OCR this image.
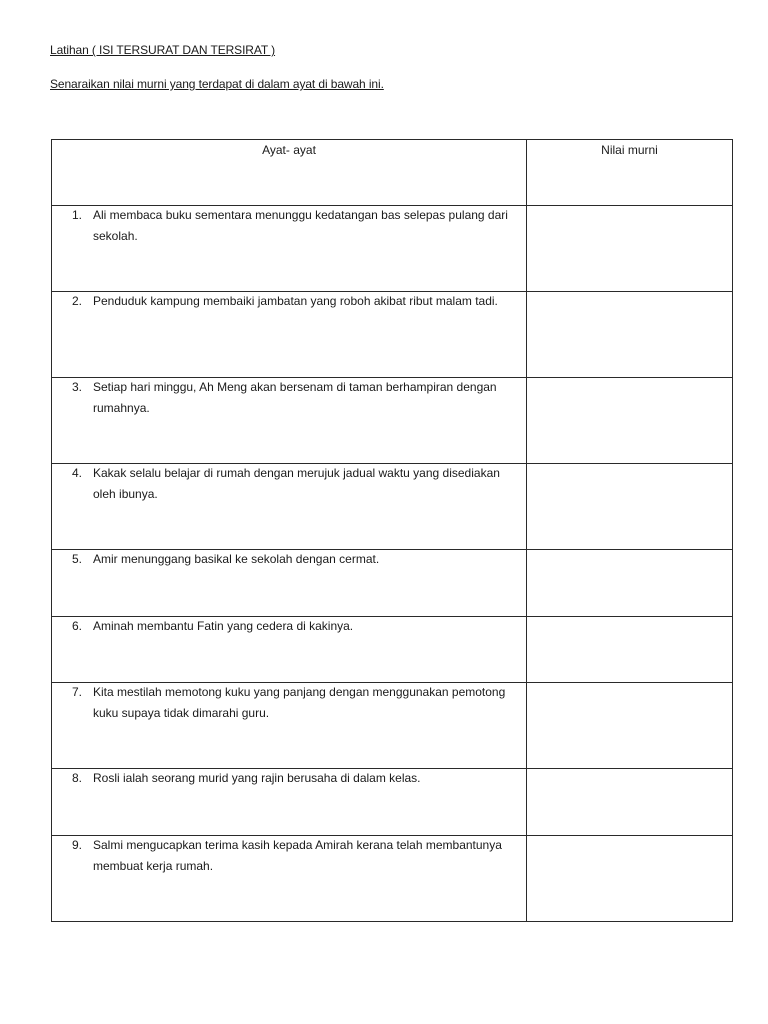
Latihan ( ISI TERSURAT DAN TERSIRAT )
Senaraikan nilai murni yang terdapat di dalam ayat di bawah ini.
Ayat- ayat	Nilai murni

1. Ali membaca buku sementara menunggu kedatangan bas selepas pulang dari sekolah.	

2. Penduduk kampung membaiki jambatan yang roboh akibat ribut malam tadi.	

3. Setiap hari minggu, Ah Meng akan bersenam di taman berhampiran dengan rumahnya.	

4. Kakak selalu belajar di rumah dengan merujuk jadual waktu yang disediakan oleh ibunya.	

5. Amir menunggang basikal ke sekolah dengan cermat.	

6. Aminah membantu Fatin yang cedera di kakinya.	

7. Kita mestilah memotong kuku yang panjang dengan menggunakan pemotong kuku supaya tidak dimarahi guru.	

8. Rosli ialah seorang murid yang rajin berusaha di dalam kelas.	

9. Salmi mengucapkan terima kasih kepada Amirah kerana telah membantunya membuat kerja rumah.	
